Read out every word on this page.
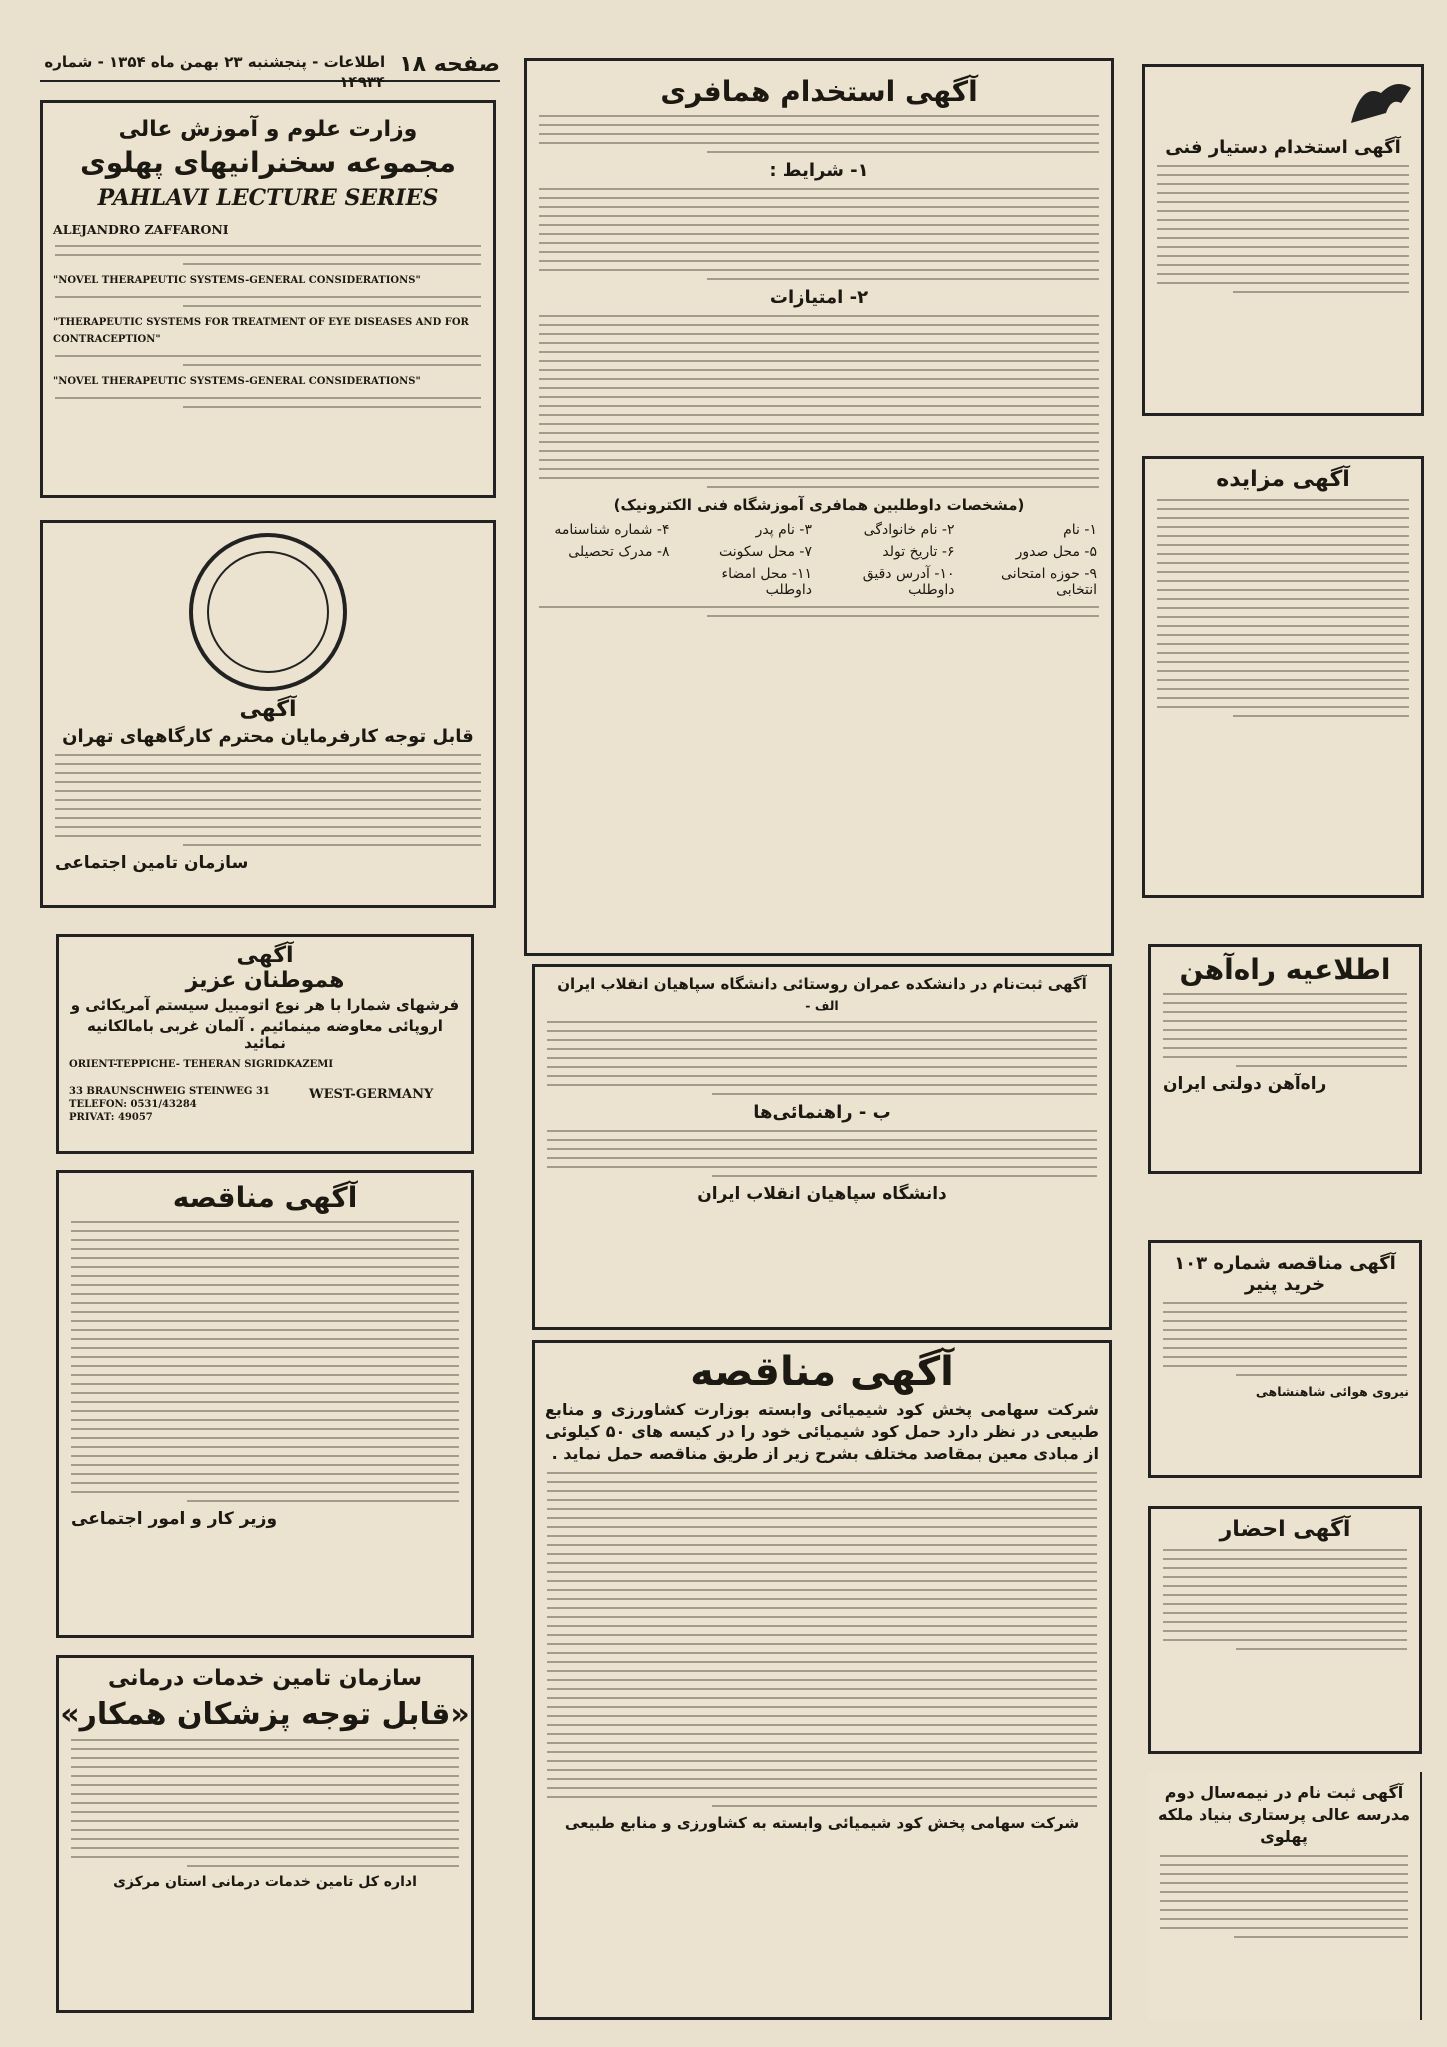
صفحه ۱۸
اطلاعات - پنجشنبه ۲۳ بهمن ماه ۱۳۵۴ - شماره ۱۴۹۳۴
وزارت علوم و آموزش عالی
مجموعه سخنرانیهای پهلوی
PAHLAVI LECTURE SERIES
ALEJANDRO ZAFFARONI
"NOVEL THERAPEUTIC SYSTEMS-GENERAL CONSIDERATIONS"
"THERAPEUTIC SYSTEMS FOR TREATMENT OF EYE DISEASES AND FOR CONTRACEPTION"
"NOVEL THERAPEUTIC SYSTEMS-GENERAL CONSIDERATIONS"
آگهی
قابل توجه کارفرمایان محترم کارگاههای تهران
سازمان تامین اجتماعی
آگهی
هموطنان عزیز
فرشهای شمارا با هر نوع اتومبیل سیستم آمریکائی و
اروپائی معاوضه مینمائیم . آلمان غربی بامالکانیه نمائید
ORIENT-TEPPICHE- TEHERAN SIGRIDKAZEMI
33 BRAUNSCHWEIG STEINWEG 31
TELEFON: 0531/43284
PRIVAT: 49057
WEST-GERMANY
آگهی مناقصه
وزیر کار و امور اجتماعی
سازمان تامین خدمات درمانی
«قابل توجه پزشکان همکار»
اداره کل تامین خدمات درمانی استان مرکزی
آگهی استخدام همافری
۱- شرایط :
۲- امتیازات
(مشخصات داوطلبین همافری آموزشگاه فنی الکترونیک)
۱- نام
۲- نام خانوادگی
۳- نام پدر
۴- شماره شناسنامه
۵- محل صدور
۶- تاریخ تولد
۷- محل سکونت
۸- مدرک تحصیلی
۹- حوزه امتحانی انتخابی
۱۰- آدرس دقیق داوطلب
۱۱- محل امضاء داوطلب
آگهی ثبت‌نام در دانشکده عمران روستائی دانشگاه سپاهیان انقلاب ایران
الف -
ب - راهنمائی‌ها
دانشگاه سپاهیان انقلاب ایران
آگهی مناقصه
شرکت سهامی پخش کود شیمیائی وابسته بوزارت کشاورزی و منابع طبیعی در نظر دارد حمل کود شیمیائی خود را در کیسه های ۵۰ کیلوئی از مبادی معین بمقاصد مختلف بشرح زیر از طریق مناقصه حمل نماید .
شرکت سهامی پخش کود شیمیائی وابسته به کشاورزی و منابع طبیعی
آگهی استخدام دستیار فنی
آگهی مزایده
اطلاعیه راه‌آهن
راه‌آهن دولتی ایران
آگهی مناقصه شماره ۱۰۳
خرید پنیر
نیروی هوائی شاهنشاهی
آگهی احضار
آگهی ثبت نام در نیمه‌سال دوم مدرسه عالی پرستاری بنیاد ملکه پهلوی
